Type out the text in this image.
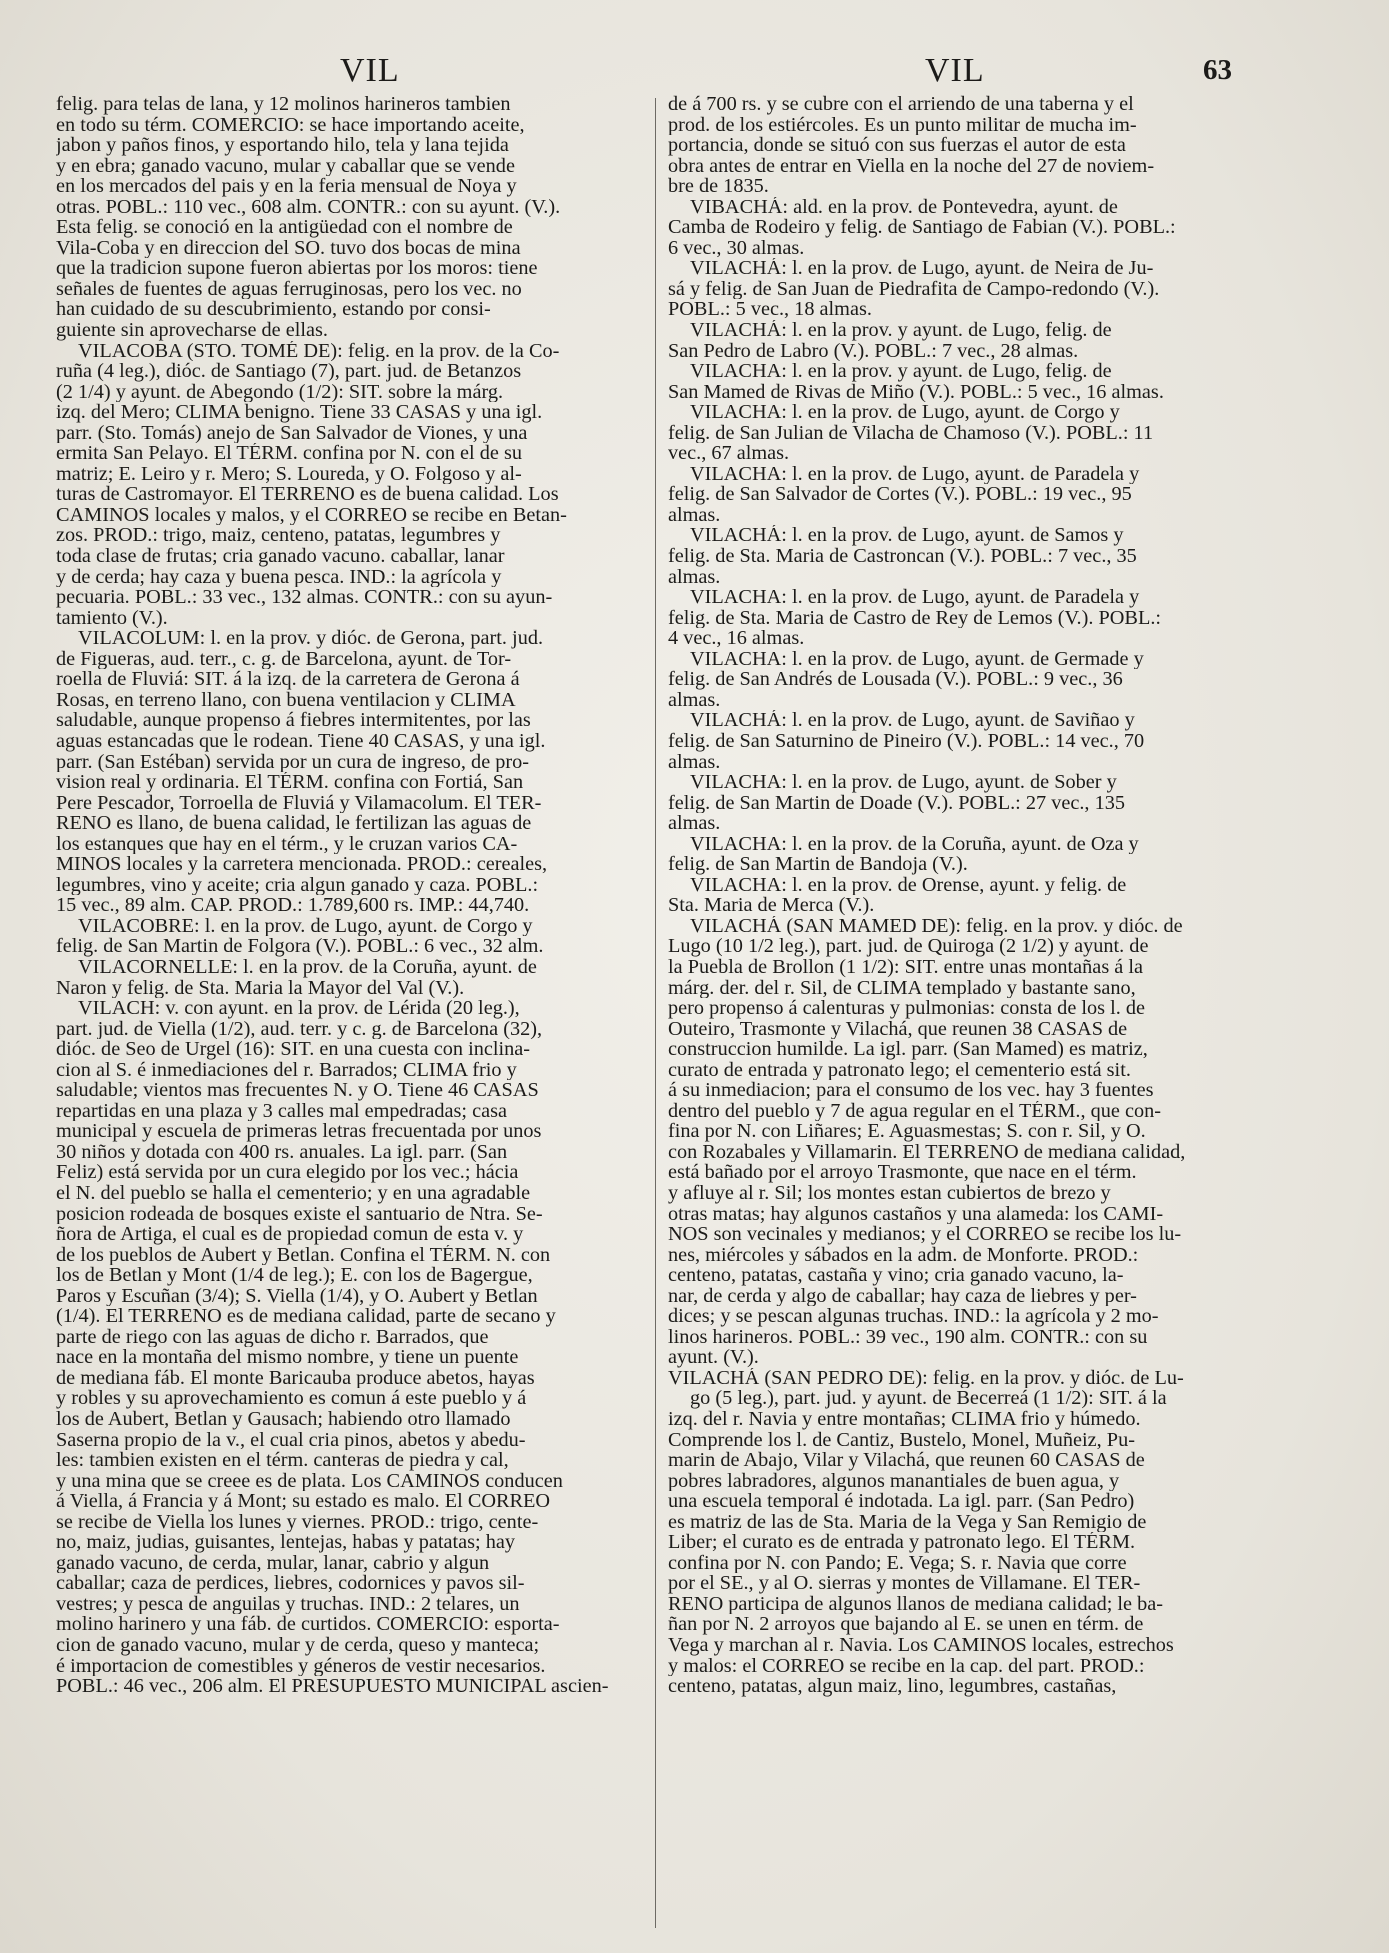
VIL	VIL	63

felig. para telas de lana, y 12 molinos harineros tambien

en todo su térm. COMERCIO: se hace importando aceite,

jabon y paños finos, y esportando hilo, tela y lana tejida

y en ebra; ganado vacuno, mular y caballar que se vende

en los mercados del pais y en la feria mensual de Noya y

otras. POBL.: 110 vec., 608 alm. CONTR.: con su ayunt. (V.).

Esta felig. se conoció en la antigüedad con el nombre de

Vila-Coba y en direccion del SO. tuvo dos bocas de mina

que la tradicion supone fueron abiertas por los moros: tiene

señales de fuentes de aguas ferruginosas, pero los vec. no

han cuidado de su descubrimiento, estando por consi-

guiente sin aprovecharse de ellas.

VILACOBA (STO. TOMÉ DE): felig. en la prov. de la Co-

ruña (4 leg.), dióc. de Santiago (7), part. jud. de Betanzos

(2 1/4) y ayunt. de Abegondo (1/2): SIT. sobre la márg.

izq. del Mero; CLIMA benigno. Tiene 33 CASAS y una igl.

parr. (Sto. Tomás) anejo de San Salvador de Viones, y una

ermita San Pelayo. El TÉRM. confina por N. con el de su

matriz; E. Leiro y r. Mero; S. Loureda, y O. Folgoso y al-

turas de Castromayor. El TERRENO es de buena calidad. Los

CAMINOS locales y malos, y el CORREO se recibe en Betan-

zos. PROD.: trigo, maiz, centeno, patatas, legumbres y

toda clase de frutas; cria ganado vacuno. caballar, lanar

y de cerda; hay caza y buena pesca. IND.: la agrícola y

pecuaria. POBL.: 33 vec., 132 almas. CONTR.: con su ayun-

tamiento (V.).

VILACOLUM: l. en la prov. y dióc. de Gerona, part. jud.

de Figueras, aud. terr., c. g. de Barcelona, ayunt. de Tor-

roella de Fluviá: SIT. á la izq. de la carretera de Gerona á

Rosas, en terreno llano, con buena ventilacion y CLIMA

saludable, aunque propenso á fiebres intermitentes, por las

aguas estancadas que le rodean. Tiene 40 CASAS, y una igl.

parr. (San Estéban) servida por un cura de ingreso, de pro-

vision real y ordinaria. El TÉRM. confina con Fortiá, San

Pere Pescador, Torroella de Fluviá y Vilamacolum. El TER-

RENO es llano, de buena calidad, le fertilizan las aguas de

los estanques que hay en el térm., y le cruzan varios CA-

MINOS locales y la carretera mencionada. PROD.: cereales,

legumbres, vino y aceite; cria algun ganado y caza. POBL.:

15 vec., 89 alm. CAP. PROD.: 1.789,600 rs. IMP.: 44,740.

VILACOBRE: l. en la prov. de Lugo, ayunt. de Corgo y

felig. de San Martin de Folgora (V.). POBL.: 6 vec., 32 alm.

VILACORNELLE: l. en la prov. de la Coruña, ayunt. de

Naron y felig. de Sta. Maria la Mayor del Val (V.).

VILACH: v. con ayunt. en la prov. de Lérida (20 leg.),

part. jud. de Viella (1/2), aud. terr. y c. g. de Barcelona (32),

dióc. de Seo de Urgel (16): SIT. en una cuesta con inclina-

cion al S. é inmediaciones del r. Barrados; CLIMA frio y

saludable; vientos mas frecuentes N. y O. Tiene 46 CASAS

repartidas en una plaza y 3 calles mal empedradas; casa

municipal y escuela de primeras letras frecuentada por unos

30 niños y dotada con 400 rs. anuales. La igl. parr. (San

Feliz) está servida por un cura elegido por los vec.; hácia

el N. del pueblo se halla el cementerio; y en una agradable

posicion rodeada de bosques existe el santuario de Ntra. Se-

ñora de Artiga, el cual es de propiedad comun de esta v. y

de los pueblos de Aubert y Betlan. Confina el TÉRM. N. con

los de Betlan y Mont (1/4 de leg.); E. con los de Bagergue,

Paros y Escuñan (3/4); S. Viella (1/4), y O. Aubert y Betlan

(1/4). El TERRENO es de mediana calidad, parte de secano y

parte de riego con las aguas de dicho r. Barrados, que

nace en la montaña del mismo nombre, y tiene un puente

de mediana fáb. El monte Baricauba produce abetos, hayas

y robles y su aprovechamiento es comun á este pueblo y á

los de Aubert, Betlan y Gausach; habiendo otro llamado

Saserna propio de la v., el cual cria pinos, abetos y abedu-

les: tambien existen en el térm. canteras de piedra y cal,

y una mina que se creee es de plata. Los CAMINOS conducen

á Viella, á Francia y á Mont; su estado es malo. El CORREO

se recibe de Viella los lunes y viernes. PROD.: trigo, cente-

no, maiz, judias, guisantes, lentejas, habas y patatas; hay

ganado vacuno, de cerda, mular, lanar, cabrio y algun

caballar; caza de perdices, liebres, codornices y pavos sil-

vestres; y pesca de anguilas y truchas. IND.: 2 telares, un

molino harinero y una fáb. de curtidos. COMERCIO: esporta-

cion de ganado vacuno, mular y de cerda, queso y manteca;

é importacion de comestibles y géneros de vestir necesarios.

POBL.: 46 vec., 206 alm. El PRESUPUESTO MUNICIPAL ascien-

de á 700 rs. y se cubre con el arriendo de una taberna y el

prod. de los estiércoles. Es un punto militar de mucha im-

portancia, donde se situó con sus fuerzas el autor de esta

obra antes de entrar en Viella en la noche del 27 de noviem-

bre de 1835.

VIBACHÁ: ald. en la prov. de Pontevedra, ayunt. de

Camba de Rodeiro y felig. de Santiago de Fabian (V.). POBL.:

6 vec., 30 almas.

VILACHÁ: l. en la prov. de Lugo, ayunt. de Neira de Ju-

sá y felig. de San Juan de Piedrafita de Campo-redondo (V.).

POBL.: 5 vec., 18 almas.

VILACHÁ: l. en la prov. y ayunt. de Lugo, felig. de

San Pedro de Labro (V.). POBL.: 7 vec., 28 almas.

VILACHA: l. en la prov. y ayunt. de Lugo, felig. de

San Mamed de Rivas de Miño (V.). POBL.: 5 vec., 16 almas.

VILACHA: l. en la prov. de Lugo, ayunt. de Corgo y

felig. de San Julian de Vilacha de Chamoso (V.). POBL.: 11

vec., 67 almas.

VILACHA: l. en la prov. de Lugo, ayunt. de Paradela y

felig. de San Salvador de Cortes (V.). POBL.: 19 vec., 95

almas.

VILACHÁ: l. en la prov. de Lugo, ayunt. de Samos y

felig. de Sta. Maria de Castroncan (V.). POBL.: 7 vec., 35

almas.

VILACHA: l. en la prov. de Lugo, ayunt. de Paradela y

felig. de Sta. Maria de Castro de Rey de Lemos (V.). POBL.:

4 vec., 16 almas.

VILACHA: l. en la prov. de Lugo, ayunt. de Germade y

felig. de San Andrés de Lousada (V.). POBL.: 9 vec., 36

almas.

VILACHÁ: l. en la prov. de Lugo, ayunt. de Saviñao y

felig. de San Saturnino de Pineiro (V.). POBL.: 14 vec., 70

almas.

VILACHA: l. en la prov. de Lugo, ayunt. de Sober y

felig. de San Martin de Doade (V.). POBL.: 27 vec., 135

almas.

VILACHA: l. en la prov. de la Coruña, ayunt. de Oza y

felig. de San Martin de Bandoja (V.).

VILACHA: l. en la prov. de Orense, ayunt. y felig. de

Sta. Maria de Merca (V.).

VILACHÁ (SAN MAMED DE): felig. en la prov. y dióc. de

Lugo (10 1/2 leg.), part. jud. de Quiroga (2 1/2) y ayunt. de

la Puebla de Brollon (1 1/2): SIT. entre unas montañas á la

márg. der. del r. Sil, de CLIMA templado y bastante sano,

pero propenso á calenturas y pulmonias: consta de los l. de

Outeiro, Trasmonte y Vilachá, que reunen 38 CASAS de

construccion humilde. La igl. parr. (San Mamed) es matriz,

curato de entrada y patronato lego; el cementerio está sit.

á su inmediacion; para el consumo de los vec. hay 3 fuentes

dentro del pueblo y 7 de agua regular en el TÉRM., que con-

fina por N. con Liñares; E. Aguasmestas; S. con r. Sil, y O.

con Rozabales y Villamarin. El TERRENO de mediana calidad,

está bañado por el arroyo Trasmonte, que nace en el térm.

y afluye al r. Sil; los montes estan cubiertos de brezo y

otras matas; hay algunos castaños y una alameda: los CAMI-

NOS son vecinales y medianos; y el CORREO se recibe los lu-

nes, miércoles y sábados en la adm. de Monforte. PROD.:

centeno, patatas, castaña y vino; cria ganado vacuno, la-

nar, de cerda y algo de caballar; hay caza de liebres y per-

dices; y se pescan algunas truchas. IND.: la agrícola y 2 mo-

linos harineros. POBL.: 39 vec., 190 alm. CONTR.: con su

ayunt. (V.).

VILACHÁ (SAN PEDRO DE): felig. en la prov. y dióc. de Lu-

go (5 leg.), part. jud. y ayunt. de Becerreá (1 1/2): SIT. á la

izq. del r. Navia y entre montañas; CLIMA frio y húmedo.

Comprende los l. de Cantiz, Bustelo, Monel, Muñeiz, Pu-

marin de Abajo, Vilar y Vilachá, que reunen 60 CASAS de

pobres labradores, algunos manantiales de buen agua, y

una escuela temporal é indotada. La igl. parr. (San Pedro)

es matriz de las de Sta. Maria de la Vega y San Remigio de

Liber; el curato es de entrada y patronato lego. El TÉRM.

confina por N. con Pando; E. Vega; S. r. Navia que corre

por el SE., y al O. sierras y montes de Villamane. El TER-

RENO participa de algunos llanos de mediana calidad; le ba-

ñan por N. 2 arroyos que bajando al E. se unen en térm. de

Vega y marchan al r. Navia. Los CAMINOS locales, estrechos

y malos: el CORREO se recibe en la cap. del part. PROD.:

centeno, patatas, algun maiz, lino, legumbres, castañas,
